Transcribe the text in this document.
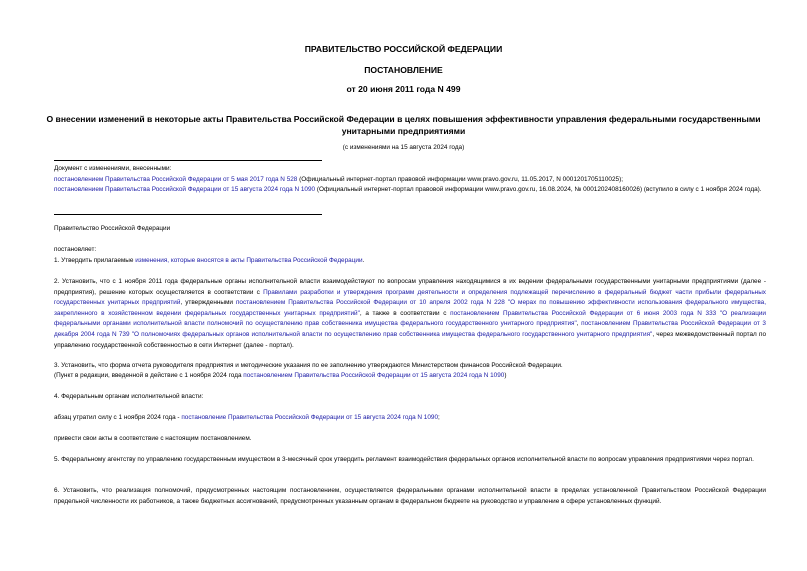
ПРАВИТЕЛЬСТВО РОССИЙСКОЙ ФЕДЕРАЦИИ
ПОСТАНОВЛЕНИЕ
от 20 июня 2011 года N 499
О внесении изменений в некоторые акты Правительства Российской Федерации в целях повышения эффективности управления федеральными государственными унитарными предприятиями
(с изменениями на 15 августа 2024 года)
Документ с изменениями, внесенными:
постановлением Правительства Российской Федерации от 5 мая 2017 года N 528 (Официальный интернет-портал правовой информации www.pravo.gov.ru, 11.05.2017, N 0001201705110025);
постановлением Правительства Российской Федерации от 15 августа 2024 года N 1090 (Официальный интернет-портал правовой информации www.pravo.gov.ru, 16.08.2024, № 0001202408160026) (вступило в силу с 1 ноября 2024 года).
Правительство Российской Федерации
постановляет:
1. Утвердить прилагаемые изменения, которые вносятся в акты Правительства Российской Федерации.
2. Установить, что с 1 ноября 2011 года федеральные органы исполнительной власти взаимодействуют по вопросам управления находящимися в их ведении федеральными государственными унитарными предприятиями (далее - предприятия), решение которых осуществляется в соответствии с Правилами разработки и утверждения программ деятельности и определения подлежащей перечислению в федеральный бюджет части прибыли федеральных государственных унитарных предприятий, утвержденными постановлением Правительства Российской Федерации от 10 апреля 2002 года N 228 "О мерах по повышению эффективности использования федерального имущества, закрепленного в хозяйственном ведении федеральных государственных унитарных предприятий", а также в соответствии с постановлением Правительства Российской Федерации от 6 июня 2003 года N 333 "О реализации федеральными органами исполнительной власти полномочий по осуществлению прав собственника имущества федерального государственного унитарного предприятия", постановлением Правительства Российской Федерации от 3 декабря 2004 года N 739 "О полномочиях федеральных органов исполнительной власти по осуществлению прав собственника имущества федерального государственного унитарного предприятия", через межведомственный портал по управлению государственной собственностью в сети Интернет (далее - портал).
3. Установить, что форма отчета руководителя предприятия и методические указания по ее заполнению утверждаются Министерством финансов Российской Федерации.
(Пункт в редакции, введенной в действие с 1 ноября 2024 года постановлением Правительства Российской Федерации от 15 августа 2024 года N 1090)
4. Федеральным органам исполнительной власти:
абзац утратил силу с 1 ноября 2024 года - постановление Правительства Российской Федерации от 15 августа 2024 года N 1090;
привести свои акты в соответствие с настоящим постановлением.
5. Федеральному агентству по управлению государственным имуществом в 3-месячный срок утвердить регламент взаимодействия федеральных органов исполнительной власти по вопросам управления предприятиями через портал.
6. Установить, что реализация полномочий, предусмотренных настоящим постановлением, осуществляется федеральными органами исполнительной власти в пределах установленной Правительством Российской Федерации предельной численности их работников, а также бюджетных ассигнований, предусмотренных указанным органам в федеральном бюджете на руководство и управление в сфере установленных функций.
